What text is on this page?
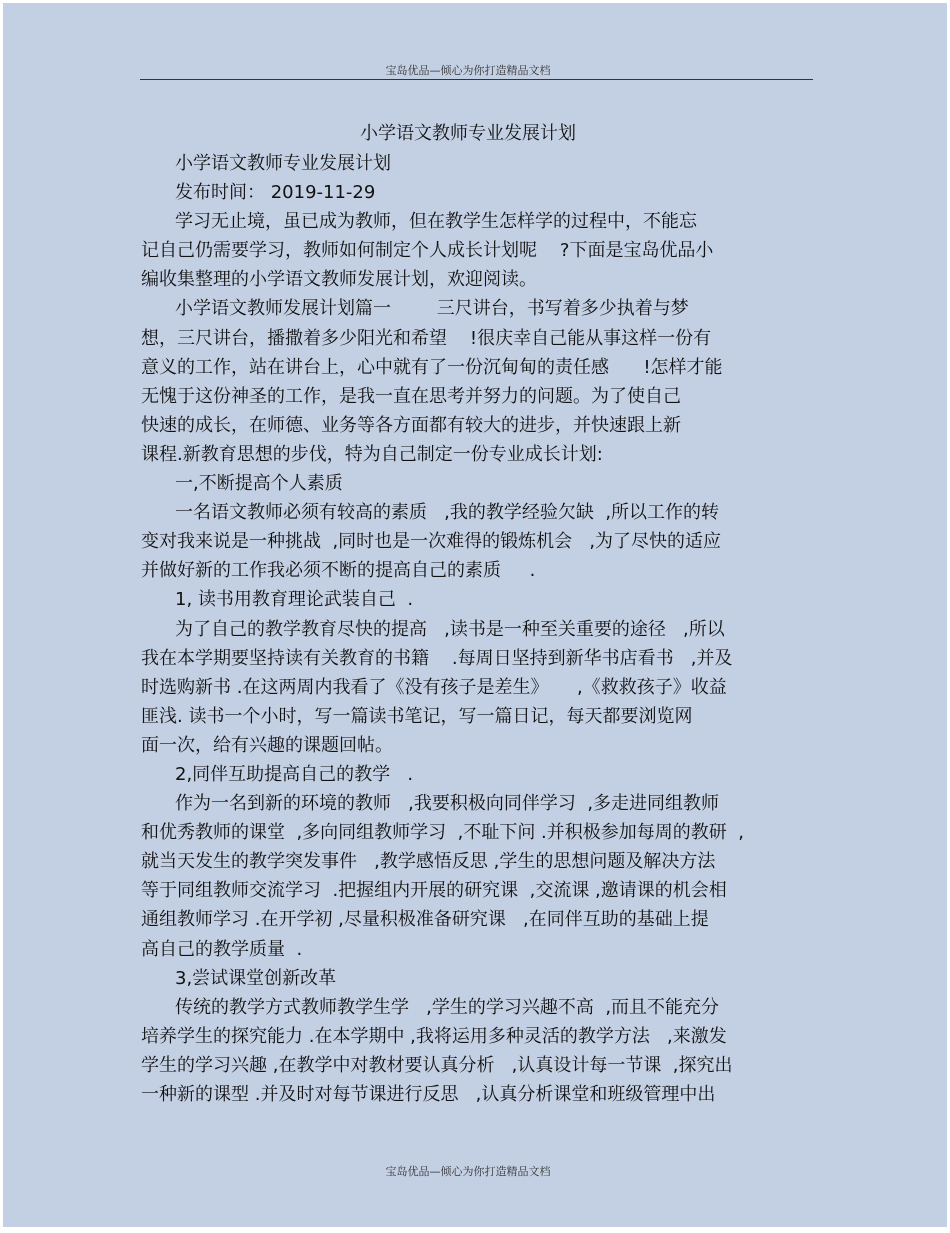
宝岛优品—倾心为你打造精品文档
小学语文教师专业发展计划
小学语文教师专业发展计划
发布时间： 2019-11-29
学习无止境，虽已成为教师，但在教学生怎样学的过程中，不能忘
记自己仍需要学习，教师如何制定个人成长计划呢    ?下面是宝岛优品小
编收集整理的小学语文教师发展计划，欢迎阅读。
小学语文教师发展计划篇一        三尺讲台，书写着多少执着与梦
想，三尺讲台，播撒着多少阳光和希望    !很庆幸自己能从事这样一份有
意义的工作，站在讲台上，心中就有了一份沉甸甸的责任感      !怎样才能
无愧于这份神圣的工作，是我一直在思考并努力的问题。为了使自己
快速的成长，在师德、业务等各方面都有较大的进步，并快速跟上新
课程.新教育思想的步伐，特为自己制定一份专业成长计划:
一,不断提高个人素质
一名语文教师必须有较高的素质   ,我的教学经验欠缺  ,所以工作的转
变对我来说是一种挑战  ,同时也是一次难得的锻炼机会   ,为了尽快的适应
并做好新的工作我必须不断的提高自己的素质     .
1, 读书用教育理论武装自己  .
为了自己的教学教育尽快的提高   ,读书是一种至关重要的途径   ,所以
我在本学期要坚持读有关教育的书籍    .每周日坚持到新华书店看书   ,并及
时选购新书 .在这两周内我看了《没有孩子是差生》     ,《救救孩子》收益
匪浅. 读书一个小时，写一篇读书笔记，写一篇日记，每天都要浏览网
面一次，给有兴趣的课题回帖。
2,同伴互助提高自己的教学   .
作为一名到新的环境的教师   ,我要积极向同伴学习  ,多走进同组教师
和优秀教师的课堂  ,多向同组教师学习  ,不耻下问 .并积极参加每周的教研  ,
就当天发生的教学突发事件   ,教学感悟反思 ,学生的思想问题及解决方法
等于同组教师交流学习  .把握组内开展的研究课  ,交流课 ,邀请课的机会相
通组教师学习 .在开学初 ,尽量积极准备研究课   ,在同伴互助的基础上提
高自己的教学质量  .
3,尝试课堂创新改革
传统的教学方式教师教学生学   ,学生的学习兴趣不高  ,而且不能充分
培养学生的探究能力 .在本学期中 ,我将运用多种灵活的教学方法   ,来激发
学生的学习兴趣 ,在教学中对教材要认真分析   ,认真设计每一节课  ,探究出
一种新的课型 .并及时对每节课进行反思   ,认真分析课堂和班级管理中出
宝岛优品—倾心为你打造精品文档
